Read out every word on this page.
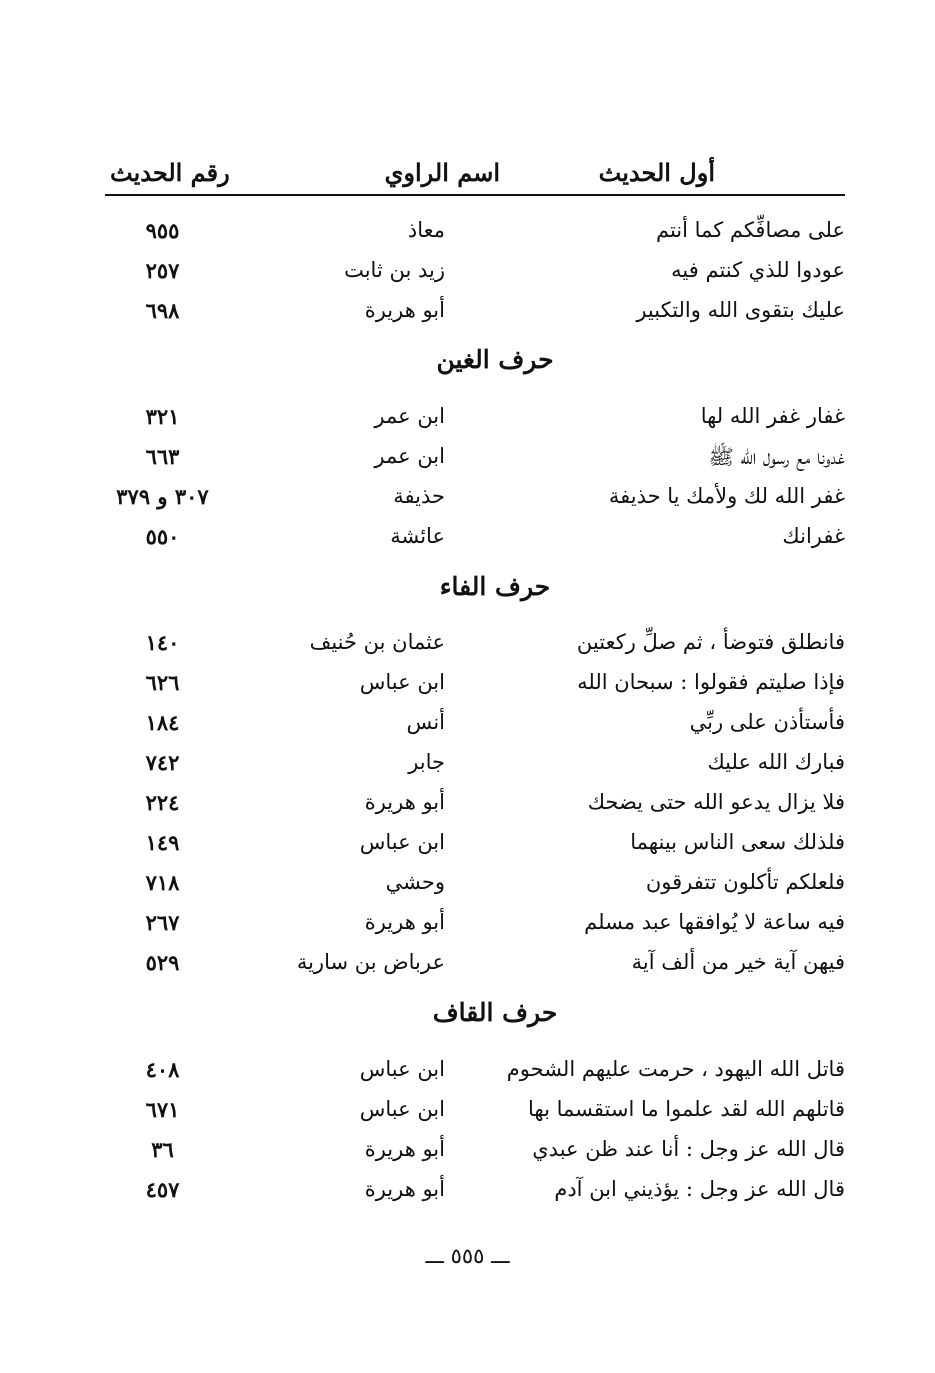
أول الحديث
اسم الراوي
رقم الحديث
على مصافِّكم كما أنتم
معاذ
٩٥٥
عودوا للذي كنتم فيه
زيد بن ثابت
٢٥٧
عليك بتقوى الله والتكبير
أبو هريرة
٦٩٨
حرف الغين
غفار غفر الله لها
ابن عمر
٣٢١
غدونا مع رسول الله ﷺ
ابن عمر
٦٦٣
غفر الله لك ولأمك يا حذيفة
حذيفة
٣٠٧ و ٣٧٩
غفرانك
عائشة
٥٥٠
حرف الفاء
فانطلق فتوضأ ، ثم صلِّ ركعتين
عثمان بن حُنيف
١٤٠
فإذا صليتم فقولوا : سبحان الله
ابن عباس
٦٢٦
فأستأذن على ربِّي
أنس
١٨٤
فبارك الله عليك
جابر
٧٤٢
فلا يزال يدعو الله حتى يضحك
أبو هريرة
٢٢٤
فلذلك سعى الناس بينهما
ابن عباس
١٤٩
فلعلكم تأكلون تتفرقون
وحشي
٧١٨
فيه ساعة لا يُوافقها عبد مسلم
أبو هريرة
٢٦٧
فيهن آية خير من ألف آية
عرباض بن سارية
٥٢٩
حرف القاف
قاتل الله اليهود ، حرمت عليهم الشحوم
ابن عباس
٤٠٨
قاتلهم الله لقد علموا ما استقسما بها
ابن عباس
٦٧١
قال الله عز وجل : أنا عند ظن عبدي
أبو هريرة
٣٦
قال الله عز وجل : يؤذيني ابن آدم
أبو هريرة
٤٥٧
ـــ ٥٥٥ ـــ
